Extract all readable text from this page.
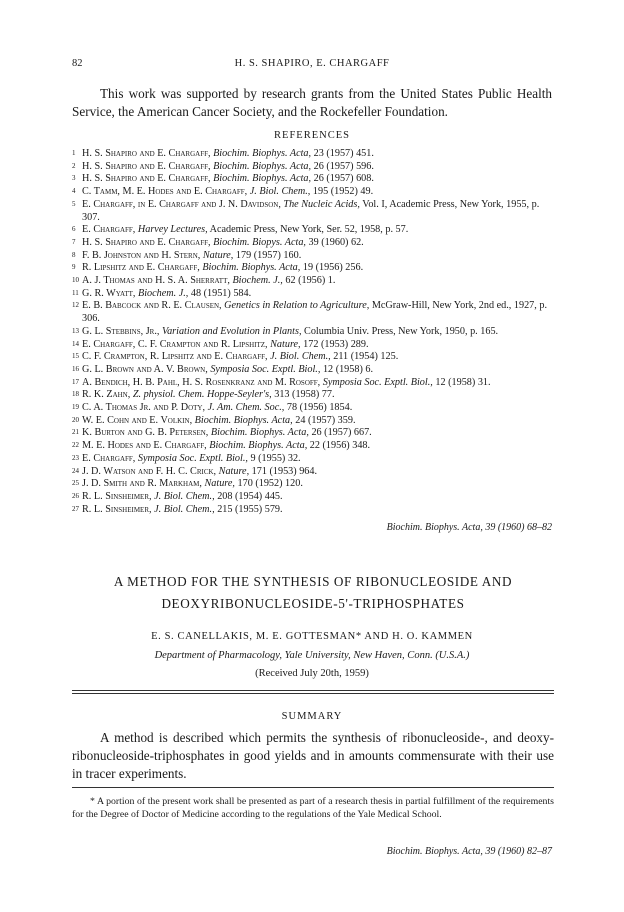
82	H. S. SHAPIRO, E. CHARGAFF

This work was supported by research grants from the United States Public Health Service, the American Cancer Society, and the Rockefeller Foundation.

REFERENCES
1 H. S. Shapiro and E. Chargaff, Biochim. Biophys. Acta, 23 (1957) 451.
2 H. S. Shapiro and E. Chargaff, Biochim. Biophys. Acta, 26 (1957) 596.
3 H. S. Shapiro and E. Chargaff, Biochim. Biophys. Acta, 26 (1957) 608.
4 C. Tamm, M. E. Hodes and E. Chargaff, J. Biol. Chem., 195 (1952) 49.
5 E. Chargaff, in E. Chargaff and J. N. Davidson, The Nucleic Acids, Vol. I, Academic Press, New York, 1955, p. 307.
6 E. Chargaff, Harvey Lectures, Academic Press, New York, Ser. 52, 1958, p. 57.
7 H. S. Shapiro and E. Chargaff, Biochim. Biopys. Acta, 39 (1960) 62.
8 F. B. Johnston and H. Stern, Nature, 179 (1957) 160.
9 R. Lipshitz and E. Chargaff, Biochim. Biophys. Acta, 19 (1956) 256.
10 A. J. Thomas and H. S. A. Sherratt, Biochem. J., 62 (1956) 1.
11 G. R. Wyatt, Biochem. J., 48 (1951) 584.
12 E. B. Babcock and R. E. Clausen, Genetics in Relation to Agriculture, McGraw-Hill, New York, 2nd ed., 1927, p. 306.
13 G. L. Stebbins, Jr., Variation and Evolution in Plants, Columbia Univ. Press, New York, 1950, p. 165.
14 E. Chargaff, C. F. Crampton and R. Lipshitz, Nature, 172 (1953) 289.
15 C. F. Crampton, R. Lipshitz and E. Chargaff, J. Biol. Chem., 211 (1954) 125.
16 G. L. Brown and A. V. Brown, Symposia Soc. Exptl. Biol., 12 (1958) 6.
17 A. Bendich, H. B. Pahl, H. S. Rosenkranz and M. Rosoff, Symposia Soc. Exptl. Biol., 12 (1958) 31.
18 R. K. Zahn, Z. physiol. Chem. Hoppe-Seyler's, 313 (1958) 77.
19 C. A. Thomas Jr. and P. Doty, J. Am. Chem. Soc., 78 (1956) 1854.
20 W. E. Cohn and E. Volkin, Biochim. Biophys. Acta, 24 (1957) 359.
21 K. Burton and G. B. Petersen, Biochim. Biophys. Acta, 26 (1957) 667.
22 M. E. Hodes and E. Chargaff, Biochim. Biophys. Acta, 22 (1956) 348.
23 E. Chargaff, Symposia Soc. Exptl. Biol., 9 (1955) 32.
24 J. D. Watson and F. H. C. Crick, Nature, 171 (1953) 964.
25 J. D. Smith and R. Markham, Nature, 170 (1952) 120.
26 R. L. Sinsheimer, J. Biol. Chem., 208 (1954) 445.
27 R. L. Sinsheimer, J. Biol. Chem., 215 (1955) 579.
Biochim. Biophys. Acta, 39 (1960) 68–82
A METHOD FOR THE SYNTHESIS OF RIBONUCLEOSIDE AND
DEOXYRIBONUCLEOSIDE-5'-TRIPHOSPHATES
E. S. CANELLAKIS, M. E. GOTTESMAN* AND H. O. KAMMEN
Department of Pharmacology, Yale University, New Haven, Conn. (U.S.A.)
(Received July 20th, 1959)
SUMMARY

A method is described which permits the synthesis of ribonucleoside-, and deoxy-ribonucleoside-triphosphates in good yields and in amounts commensurate with their use in tracer experiments.

* A portion of the present work shall be presented as part of a research thesis in partial fulfillment of the requirements for the Degree of Doctor of Medicine according to the regulations of the Yale Medical School.

Biochim. Biophys. Acta, 39 (1960) 82–87
